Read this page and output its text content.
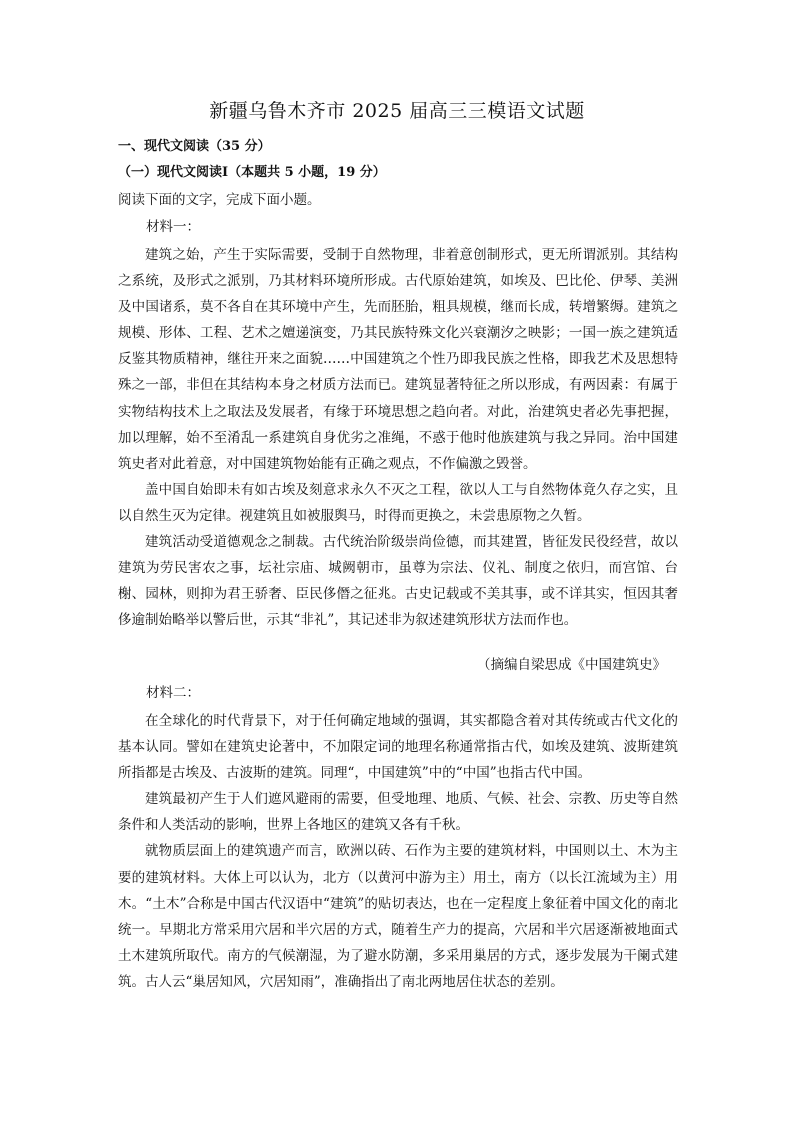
新疆乌鲁木齐市 2025 届高三三模语文试题
一、现代文阅读（35 分）
（一）现代文阅读Ⅰ（本题共 5 小题，19 分）
阅读下面的文字，完成下面小题。
材料一：

建筑之始，产生于实际需要，受制于自然物理，非着意创制形式，更无所谓派别。其结构之系统，及形式之派别，乃其材料环境所形成。古代原始建筑，如埃及、巴比伦、伊琴、美洲及中国诸系，莫不各自在其环境中产生，先而胚胎，粗具规模，继而长成，转增繁缛。建筑之规模、形体、工程、艺术之嬗递演变，乃其民族特殊文化兴衰潮汐之映影；一国一族之建筑适反鉴其物质精神，继往开来之面貌……中国建筑之个性乃即我民族之性格，即我艺术及思想特殊之一部，非但在其结构本身之材质方法而已。建筑显著特征之所以形成，有两因素：有属于实物结构技术上之取法及发展者，有缘于环境思想之趋向者。对此，治建筑史者必先事把握，加以理解，始不至淆乱一系建筑自身优劣之准绳，不惑于他时他族建筑与我之异同。治中国建筑史者对此着意，对中国建筑物始能有正确之观点，不作偏激之毁誉。

盖中国自始即未有如古埃及刻意求永久不灭之工程，欲以人工与自然物体竟久存之实，且以自然生灭为定律。视建筑且如被服舆马，时得而更换之，未尝患原物之久暂。

建筑活动受道德观念之制裁。古代统治阶级崇尚俭德，而其建置，皆征发民役经营，故以建筑为劳民害农之事，坛社宗庙、城阙朝市，虽尊为宗法、仪礼、制度之依归，而宫馆、台榭、园林，则抑为君王骄奢、臣民侈僭之征兆。古史记载或不美其事，或不详其实，恒因其奢侈逾制始略举以警后世，示其“非礼”，其记述非为叙述建筑形状方法而作也。

（摘编自梁思成《中国建筑史》
材料二：

在全球化的时代背景下，对于任何确定地域的强调，其实都隐含着对其传统或古代文化的基本认同。譬如在建筑史论著中，不加限定词的地理名称通常指古代，如埃及建筑、波斯建筑所指都是古埃及、古波斯的建筑。同理“，中国建筑”中的“中国”也指古代中国。

建筑最初产生于人们遮风避雨的需要，但受地理、地质、气候、社会、宗教、历史等自然条件和人类活动的影响，世界上各地区的建筑又各有千秋。

就物质层面上的建筑遗产而言，欧洲以砖、石作为主要的建筑材料，中国则以土、木为主要的建筑材料。大体上可以认为，北方（以黄河中游为主）用土，南方（以长江流域为主）用木。“土木”合称是中国古代汉语中“建筑”的贴切表达，也在一定程度上象征着中国文化的南北统一。早期北方常采用穴居和半穴居的方式，随着生产力的提高，穴居和半穴居逐渐被地面式土木建筑所取代。南方的气候潮湿，为了避水防潮，多采用巢居的方式，逐步发展为干阑式建筑。古人云“巢居知风，穴居知雨”，准确指出了南北两地居住状态的差别。
